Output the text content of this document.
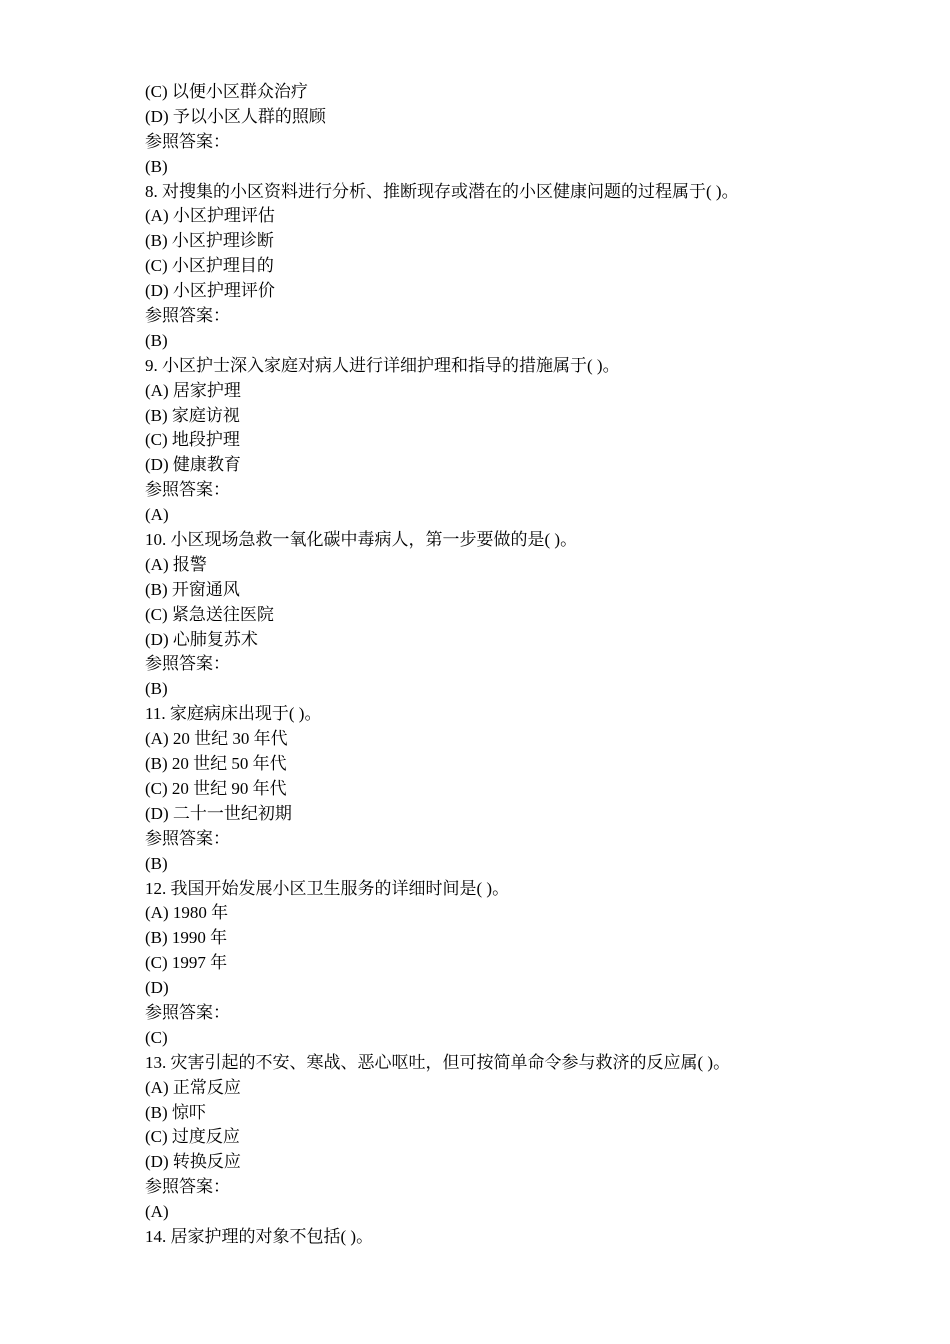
(C) 以便小区群众治疗
(D) 予以小区人群的照顾
参照答案：
(B)
8. 对搜集的小区资料进行分析、推断现存或潜在的小区健康问题的过程属于( )。
(A) 小区护理评估
(B) 小区护理诊断
(C) 小区护理目的
(D) 小区护理评价
参照答案：
(B)
9. 小区护士深入家庭对病人进行详细护理和指导的措施属于( )。
(A) 居家护理
(B) 家庭访视
(C) 地段护理
(D) 健康教育
参照答案：
(A)
10. 小区现场急救一氧化碳中毒病人，第一步要做的是( )。
(A) 报警
(B) 开窗通风
(C) 紧急送往医院
(D) 心肺复苏术
参照答案：
(B)
11. 家庭病床出现于( )。
(A) 20 世纪 30 年代
(B) 20 世纪 50 年代
(C) 20 世纪 90 年代
(D) 二十一世纪初期
参照答案：
(B)
12. 我国开始发展小区卫生服务的详细时间是( )。
(A) 1980 年
(B) 1990 年
(C) 1997 年
(D)
参照答案：
(C)
13. 灾害引起的不安、寒战、恶心呕吐，但可按简单命令参与救济的反应属( )。
(A) 正常反应
(B) 惊吓
(C) 过度反应
(D) 转换反应
参照答案：
(A)
14. 居家护理的对象不包括( )。
